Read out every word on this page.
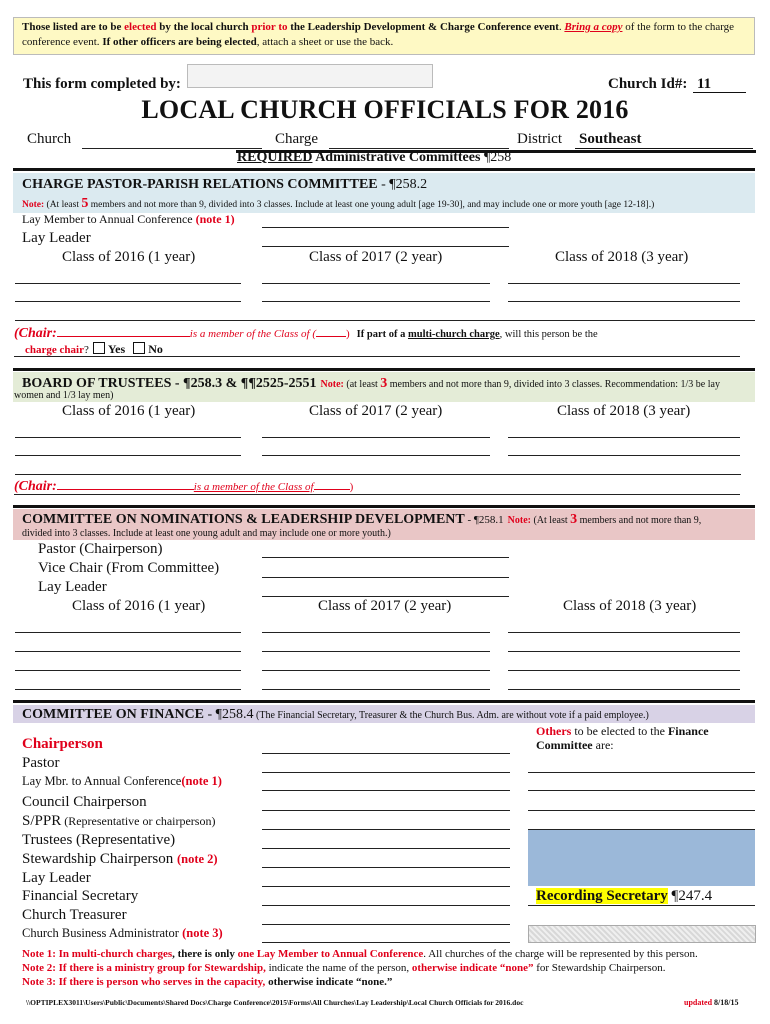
Those listed are to be elected by the local church prior to the Leadership Development & Charge Conference event. Bring a copy of the form to the charge conference event. If other officers are being elected, attach a sheet or use the back.
This form completed by:	Church Id#: 11
LOCAL CHURCH OFFICIALS FOR 2016
Church	Charge	District Southeast
REQUIRED Administrative Committees ¶258
CHARGE PASTOR-PARISH RELATIONS COMMITTEE - ¶258.2
Note: (At least 5 members and not more than 9, divided into 3 classes. Include at least one young adult [age 19-30], and may include one or more youth [age 12-18].)
Lay Member to Annual Conference (note 1)
Lay Leader
Class of 2016 (1 year)	Class of 2017 (2 year)	Class of 2018 (3 year)
(Chair:	is a member of the Class of (	) If part of a multi-church charge, will this person be the
charge chair? Yes No
BOARD OF TRUSTEES - ¶258.3 & ¶¶2525-2551 Note: (at least 3 members and not more than 9, divided into 3 classes. Recommendation: 1/3 be lay
women and 1/3 lay men)
Class of 2016 (1 year)	Class of 2017 (2 year)	Class of 2018 (3 year)
(Chair:	is a member of the Class of	)
COMMITTEE ON NOMINATIONS & LEADERSHIP DEVELOPMENT - ¶258.1 Note: (At least 3 members and not more than 9,
divided into 3 classes. Include at least one young adult and may include one or more youth.)
Pastor (Chairperson)
Vice Chair (From Committee)
Lay Leader
Class of 2016 (1 year)	Class of 2017 (2 year)	Class of 2018 (3 year)
COMMITTEE ON FINANCE - ¶258.4 (The Financial Secretary, Treasurer & the Church Bus. Adm. are without vote if a paid employee.)
Chairperson
Pastor
Lay Mbr. to Annual Conference(note 1)
Council Chairperson
S/PPR (Representative or chairperson)
Trustees (Representative)
Stewardship Chairperson (note 2)
Lay Leader
Financial Secretary
Church Treasurer
Church Business Administrator (note 3)
Others to be elected to the Finance
Committee are:
Recording Secretary ¶247.4
Note 1: In multi-church charges, there is only one Lay Member to Annual Conference. All churches of the charge will be represented by this person.
Note 2: If there is a ministry group for Stewardship, indicate the name of the person, otherwise indicate “none” for Stewardship Chairperson.
Note 3: If there is person who serves in the capacity, otherwise indicate “none.”
\\OPTIPLEX3011\Users\Public\Documents\Shared Docs\Charge Conference\2015\Forms\All Churches\Lay Leadership\Local Church Officials for 2016.doc	updated 8/18/15
